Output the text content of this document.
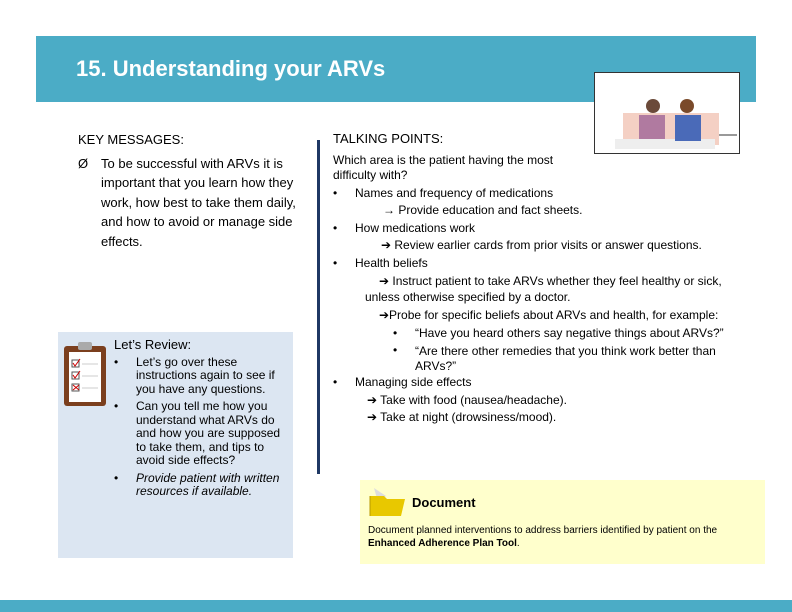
15. Understanding your ARVs
KEY MESSAGES:
Ø To be successful with ARVs it is important that you learn how they work, how best to take them daily, and how to avoid or manage side effects.
TALKING POINTS:
Which area is the patient having the most difficulty with?
•	Names and frequency of medications
→ Provide education and fact sheets.
•	How medications work
➔ Review earlier cards from prior visits or answer questions.
•	Health beliefs
➔ Instruct patient to take ARVs whether they feel healthy or sick, unless otherwise specified by a doctor.
➔Probe for specific beliefs about ARVs and health, for example:
•	“Have you heard others say negative things about ARVs?”
•	“Are there other remedies that you think work better than ARVs?”
•	Managing side effects
➔ Take with food (nausea/headache).
➔ Take at night (drowsiness/mood).
Let’s Review:
•	Let’s go over these instructions again to see if you have any questions.
•	Can you tell me how you understand what ARVs do and how you are supposed to take them, and tips to avoid side effects?
•	Provide patient with written resources if available.
Document
Document planned interventions to address barriers identified by patient on the Enhanced Adherence Plan Tool.
